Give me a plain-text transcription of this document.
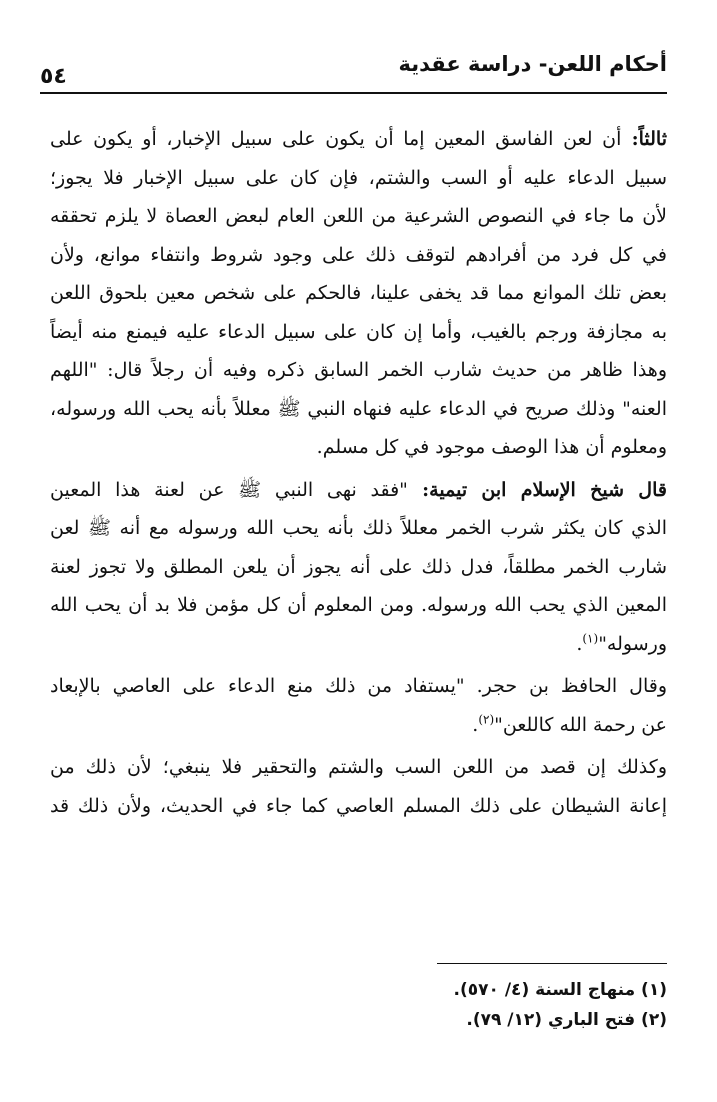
أحكام اللعن- دراسة عقدية
٥٤
ثالثاً: أن لعن الفاسق المعين إما أن يكون على سبيل الإخبار، أو يكون على
سبيل الدعاء عليه أو السب والشتم، فإن كان على سبيل الإخبار فلا يجوز؛
لأن ما جاء في النصوص الشرعية من اللعن العام لبعض العصاة لا يلزم تحققه
في كل فرد من أفرادهم لتوقف ذلك على وجود شروط وانتفاء موانع، ولأن
بعض تلك الموانع مما قد يخفى علينا، فالحكم على شخص معين بلحوق اللعن
به مجازفة ورجم بالغيب، وأما إن كان على سبيل الدعاء عليه فيمنع منه أيضاً
وهذا ظاهر من حديث شارب الخمر السابق ذكره وفيه أن رجلاً قال: "اللهم
العنه" وذلك صريح في الدعاء عليه فنهاه النبي ﷺ معللاً بأنه يحب الله ورسوله،
ومعلوم أن هذا الوصف موجود في كل مسلم.
قال شيخ الإسلام ابن تيمية: "فقد نهى النبي ﷺ عن لعنة هذا المعين
الذي كان يكثر شرب الخمر معللاً ذلك بأنه يحب الله ورسوله مع أنه ﷺ لعن
شارب الخمر مطلقاً، فدل ذلك على أنه يجوز أن يلعن المطلق ولا تجوز لعنة
المعين الذي يحب الله ورسوله. ومن المعلوم أن كل مؤمن فلا بد أن يحب الله
ورسوله"$^{(١)}$.
وقال الحافظ بن حجر. "يستفاد من ذلك منع الدعاء على العاصي بالإبعاد
عن رحمة الله كاللعن"$^{(٢)}$.
وكذلك إن قصد من اللعن السب والشتم والتحقير فلا ينبغي؛ لأن ذلك من
إعانة الشيطان على ذلك المسلم العاصي كما جاء في الحديث، ولأن ذلك قد
(١) منهاج السنة (٤/ ٥٧٠).
(٢) فتح الباري (١٢/ ٧٩).
